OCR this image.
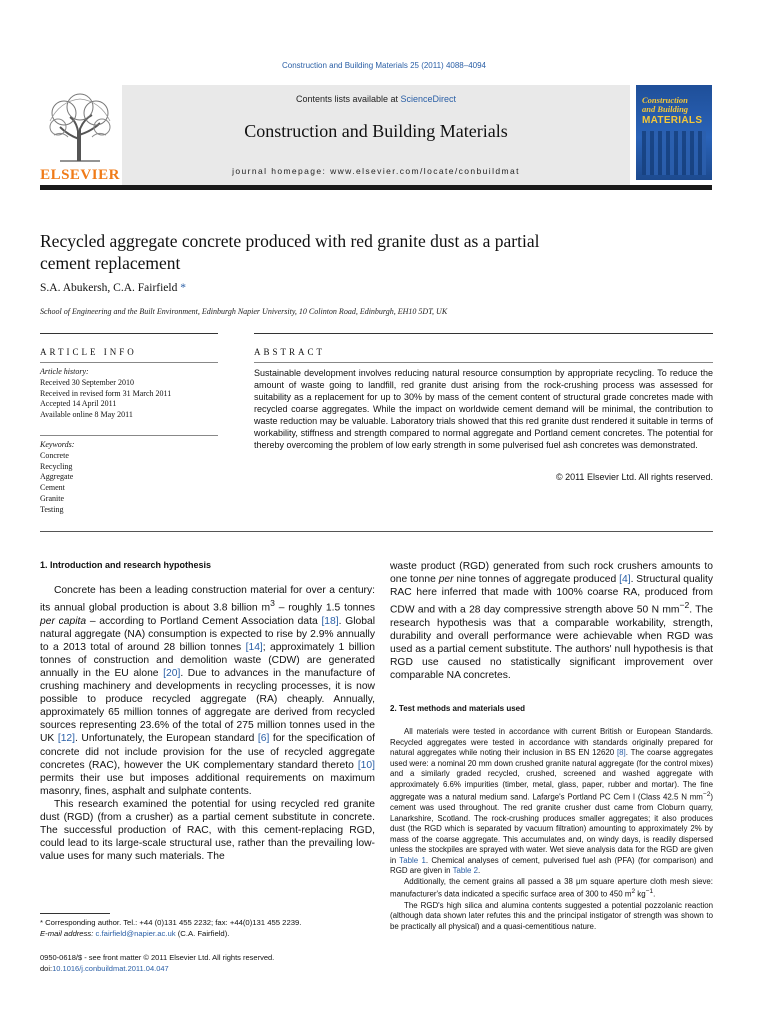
Construction and Building Materials 25 (2011) 4088–4094
ELSEVIER
Contents lists available at ScienceDirect
Construction and Building Materials
journal homepage: www.elsevier.com/locate/conbuildmat
Construction
and Building
MATERIALS
Recycled aggregate concrete produced with red granite dust as a partial
cement replacement
S.A. Abukersh, C.A. Fairfield *
School of Engineering and the Built Environment, Edinburgh Napier University, 10 Colinton Road, Edinburgh, EH10 5DT, UK
ARTICLE INFO	ABSTRACT
Article history:
Received 30 September 2010
Received in revised form 31 March 2011
Accepted 14 April 2011
Available online 8 May 2011
Keywords:
Concrete
Recycling
Aggregate
Cement
Granite
Testing
Sustainable development involves reducing natural resource consumption by appropriate recycling. To reduce the amount of waste going to landfill, red granite dust arising from the rock-crushing process was assessed for suitability as a replacement for up to 30% by mass of the cement content of structural grade concretes made with recycled coarse aggregates. While the impact on worldwide cement demand will be minimal, the contribution to waste reduction may be valuable. Laboratory trials showed that this red granite dust rendered it suitable in terms of workability, stiffness and strength compared to normal aggregate and Portland cement concretes. The potential for thereby overcoming the problem of low early strength in some pulverised fuel ash concretes was demonstrated.
© 2011 Elsevier Ltd. All rights reserved.
1. Introduction and research hypothesis

Concrete has been a leading construction material for over a century: its annual global production is about 3.8 billion $m^3$ – roughly 1.5 tonnes per capita – according to Portland Cement Association data [18]. Global natural aggregate (NA) consumption is expected to rise by 2.9% annually to a 2013 total of around 28 billion tonnes [14]; approximately 1 billion tonnes of construction and demolition waste (CDW) are generated annually in the EU alone [20]. Due to advances in the manufacture of crushing machinery and developments in recycling processes, it is now possible to produce recycled aggregate (RA) cheaply. Annually, approximately 65 million tonnes of aggregate are derived from recycled sources representing 23.6% of the total of 275 million tonnes used in the UK [12]. Unfortunately, the European standard [6] for the specification of concrete did not include provision for the use of recycled aggregate concretes (RAC), however the UK complementary standard thereto [10] permits their use but imposes additional requirements on maximum masonry, fines, asphalt and sulphate contents.

This research examined the potential for using recycled red granite dust (RGD) (from a crusher) as a partial cement substitute in concrete. The successful production of RAC, with this cement-replacing RGD, could lead to its large-scale structural use, rather than the prevailing low-value uses for many such materials. The

waste product (RGD) generated from such rock crushers amounts to one tonne per nine tonnes of aggregate produced [4]. Structural quality RAC here inferred that made with 100% coarse RA, produced from CDW and with a 28 day compressive strength above 50 N $mm^{-2}$. The research hypothesis was that a comparable workability, strength, durability and overall performance were achievable when RGD was used as a partial cement substitute. The authors' null hypothesis is that RGD use caused no statistically significant improvement over comparable NA concretes.

2. Test methods and materials used

All materials were tested in accordance with current British or European Standards. Recycled aggregates were tested in accordance with standards originally prepared for natural aggregates while noting their inclusion in BS EN 12620 [8]. The coarse aggregates used were: a nominal 20 mm down crushed granite natural aggregate (for the control mixes) and a similarly graded recycled, crushed, screened and washed aggregate with approximately 6.6% impurities (timber, metal, glass, paper, rubber and mortar). The fine aggregate was a natural medium sand. Lafarge's Portland PC Cem I (Class 42.5 N $mm^{-2}$) cement was used throughout. The red granite crusher dust came from Cloburn quarry, Lanarkshire, Scotland. The rock-crushing produces smaller aggregates; it also produces dust (the RGD which is separated by vacuum filtration) amounting to approximately 2% by mass of the coarse aggregate. This accumulates and, on windy days, is readily dispersed unless the stockpiles are sprayed with water. Wet sieve analysis data for the RGD are given in Table 1. Chemical analyses of cement, pulverised fuel ash (PFA) (for comparison) and RGD are given in Table 2.

Additionally, the cement grains all passed a 38 μm square aperture cloth mesh sieve: manufacturer's data indicated a specific surface area of 300 to 450 $m^2$ $kg^{-1}$.

The RGD's high silica and alumina contents suggested a potential pozzolanic reaction (although data shown later refutes this and the principal instigator of strength was shown to be practically all physical) and a quasi-cementitious nature.

* Corresponding author. Tel.: +44 (0)131 455 2232; fax: +44(0)131 455 2239.
E-mail address: c.fairfield@napier.ac.uk (C.A. Fairfield).
0950-0618/$ - see front matter © 2011 Elsevier Ltd. All rights reserved.
doi:10.1016/j.conbuildmat.2011.04.047
